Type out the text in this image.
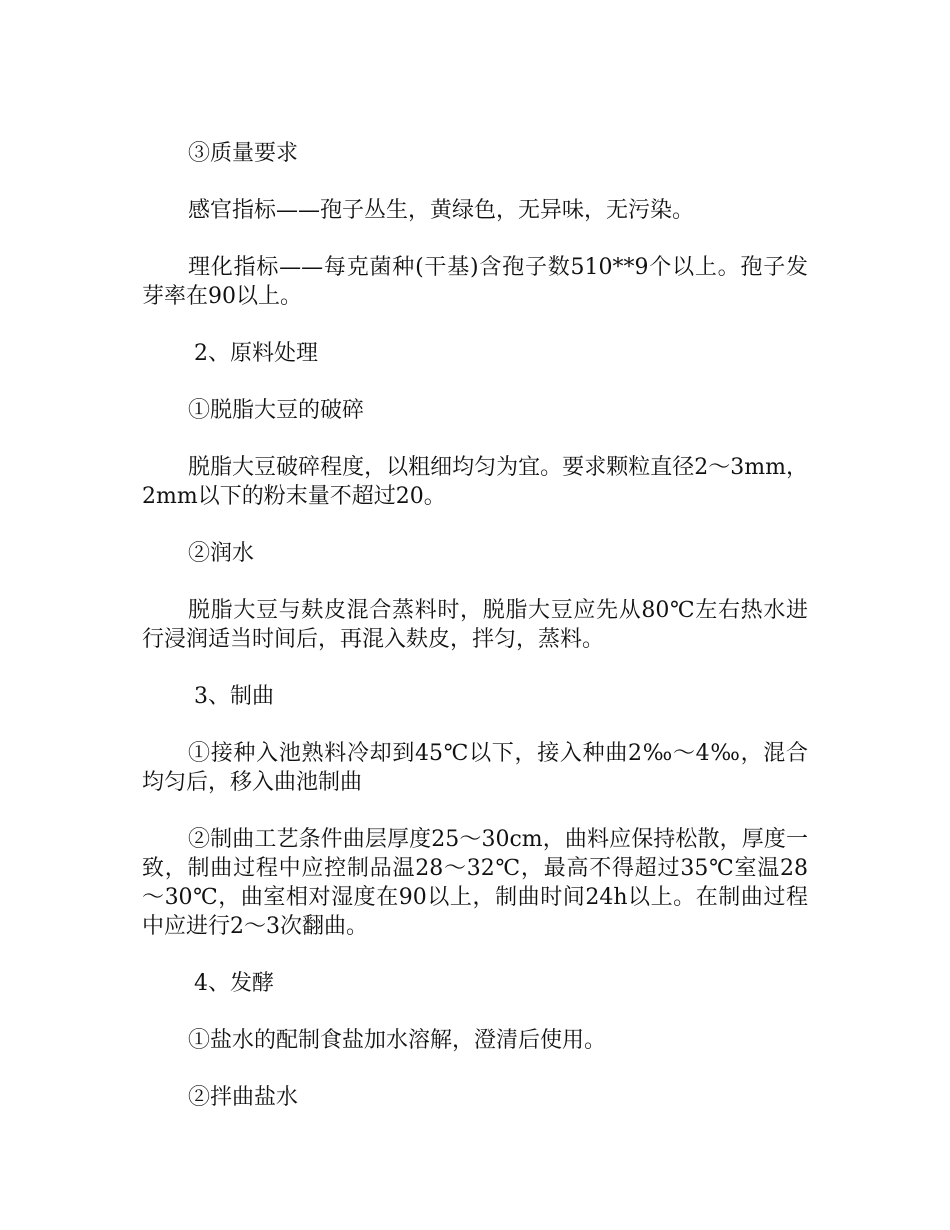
③质量要求

感官指标——孢子丛生，黄绿色，无异味，无污染。

理化指标——每克菌种(干基)含孢子数510**9个以上。孢子发芽率在90以上。

2、原料处理

①脱脂大豆的破碎

脱脂大豆破碎程度，以粗细均匀为宜。要求颗粒直径2～3mm，2mm以下的粉末量不超过20。

②润水

脱脂大豆与麸皮混合蒸料时，脱脂大豆应先从80℃左右热水进行浸润适当时间后，再混入麸皮，拌匀，蒸料。

3、制曲

①接种入池熟料冷却到45℃以下，接入种曲2‰～4‰，混合均匀后，移入曲池制曲

②制曲工艺条件曲层厚度25～30cm，曲料应保持松散，厚度一致，制曲过程中应控制品温28～32℃，最高不得超过35℃室温28～30℃，曲室相对湿度在90以上，制曲时间24h以上。在制曲过程中应进行2～3次翻曲。

4、发酵

①盐水的配制食盐加水溶解，澄清后使用。

②拌曲盐水
